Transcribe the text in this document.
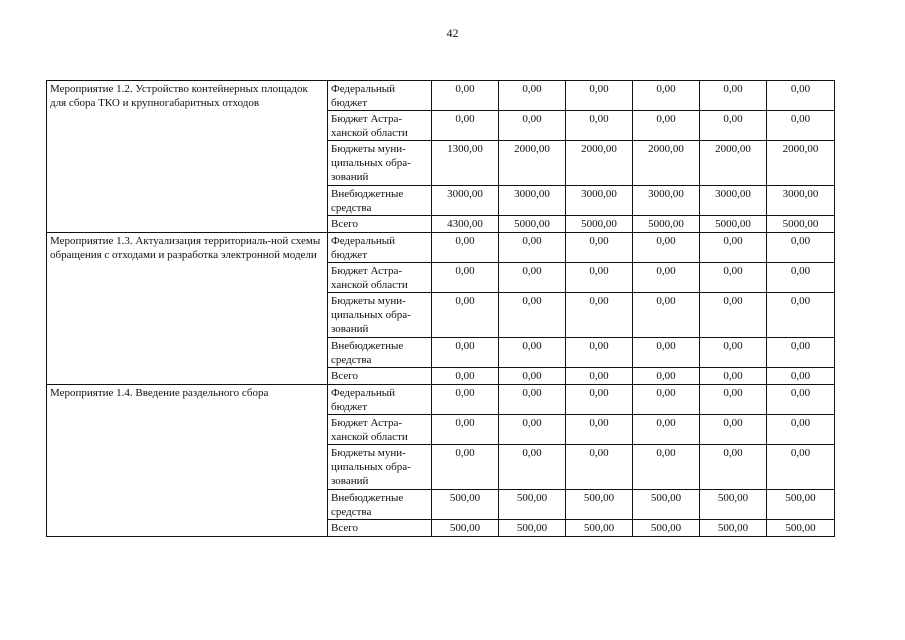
42
Мероприятие 1.2. Устройство контейнерных площадок для сбора ТКО и крупногабаритных отходов	Федеральный бюджет	0,00	0,00	0,00	0,00	0,00	0,00
	Бюджет Астра-ханской области	0,00	0,00	0,00	0,00	0,00	0,00
	Бюджеты муни-ципальных обра-зований	1300,00	2000,00	2000,00	2000,00	2000,00	2000,00
	Внебюджетные средства	3000,00	3000,00	3000,00	3000,00	3000,00	3000,00
	Всего	4300,00	5000,00	5000,00	5000,00	5000,00	5000,00
Мероприятие 1.3. Актуализация территориаль-ной схемы обращения с отходами и разработка электронной модели	Федеральный бюджет	0,00	0,00	0,00	0,00	0,00	0,00
	Бюджет Астра-ханской области	0,00	0,00	0,00	0,00	0,00	0,00
	Бюджеты муни-ципальных обра-зований	0,00	0,00	0,00	0,00	0,00	0,00
	Внебюджетные средства	0,00	0,00	0,00	0,00	0,00	0,00
	Всего	0,00	0,00	0,00	0,00	0,00	0,00
Мероприятие 1.4. Введение раздельного сбора	Федеральный бюджет	0,00	0,00	0,00	0,00	0,00	0,00
	Бюджет Астра-ханской области	0,00	0,00	0,00	0,00	0,00	0,00
	Бюджеты муни-ципальных обра-зований	0,00	0,00	0,00	0,00	0,00	0,00
	Внебюджетные средства	500,00	500,00	500,00	500,00	500,00	500,00
	Всего	500,00	500,00	500,00	500,00	500,00	500,00
